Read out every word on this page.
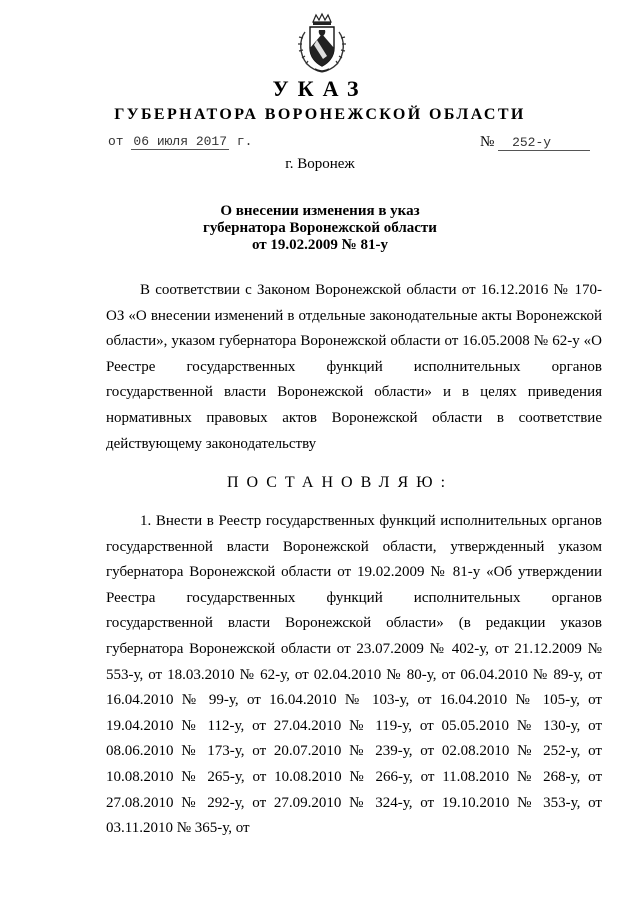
УКАЗ
ГУБЕРНАТОРА ВОРОНЕЖСКОЙ ОБЛАСТИ
от 06 июля 2017 г.	№ 252-у
г. Воронеж
О внесении изменения в указ
губернатора Воронежской области
от 19.02.2009 № 81-у

В соответствии с Законом Воронежской области от 16.12.2016 № 170-ОЗ «О внесении изменений в отдельные законодательные акты Воронежской области», указом губернатора Воронежской области от 16.05.2008 № 62-у «О Реестре государственных функций исполнительных органов государственной власти Воронежской области» и в целях приведения нормативных правовых актов Воронежской области в соответствие действующему законодательству

ПОСТАНОВЛЯЮ:

1. Внести в Реестр государственных функций исполнительных органов государственной власти Воронежской области, утвержденный указом губернатора Воронежской области от 19.02.2009 № 81-у «Об утверждении Реестра государственных функций исполнительных органов государственной власти Воронежской области» (в редакции указов губернатора Воронежской области от 23.07.2009 № 402-у, от 21.12.2009 № 553-у, от 18.03.2010 № 62-у, от 02.04.2010 № 80-у, от 06.04.2010 № 89-у, от 16.04.2010 № 99-у, от 16.04.2010 № 103-у, от 16.04.2010 № 105-у, от 19.04.2010 № 112-у, от 27.04.2010 № 119-у, от 05.05.2010 № 130-у, от 08.06.2010 № 173-у, от 20.07.2010 № 239-у, от 02.08.2010 № 252-у, от 10.08.2010 № 265-у, от 10.08.2010 № 266-у, от 11.08.2010 № 268-у, от 27.08.2010 № 292-у, от 27.09.2010 № 324-у, от 19.10.2010 № 353-у, от 03.11.2010 № 365-у, от
